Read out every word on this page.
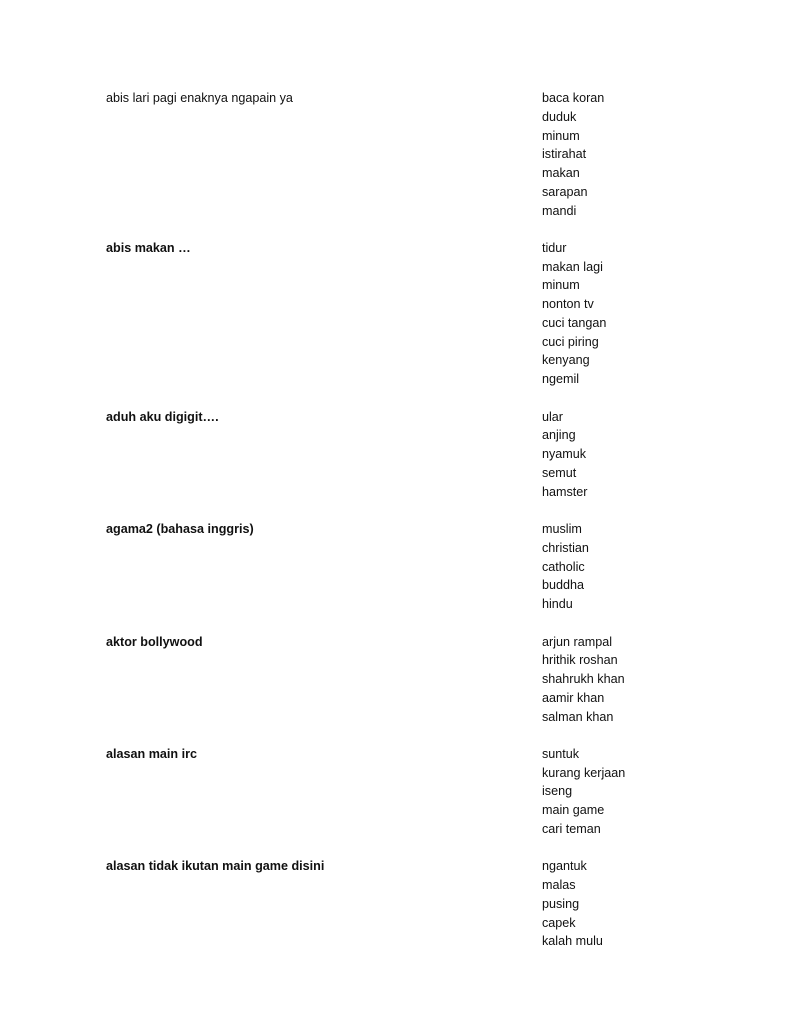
abis lari pagi enaknya ngapain ya	baca koran
duduk
minum
istirahat
makan
sarapan
mandi
abis makan …	tidur
makan lagi
minum
nonton tv
cuci tangan
cuci piring
kenyang
ngemil
aduh aku digigit….	ular
anjing
nyamuk
semut
hamster
agama2 (bahasa inggris)	muslim
christian
catholic
buddha
hindu
aktor bollywood	arjun rampal
hrithik roshan
shahrukh khan
aamir khan
salman khan
alasan main irc	suntuk
kurang kerjaan
iseng
main game
cari teman
alasan tidak ikutan main game disini	ngantuk
malas
pusing
capek
kalah mulu
